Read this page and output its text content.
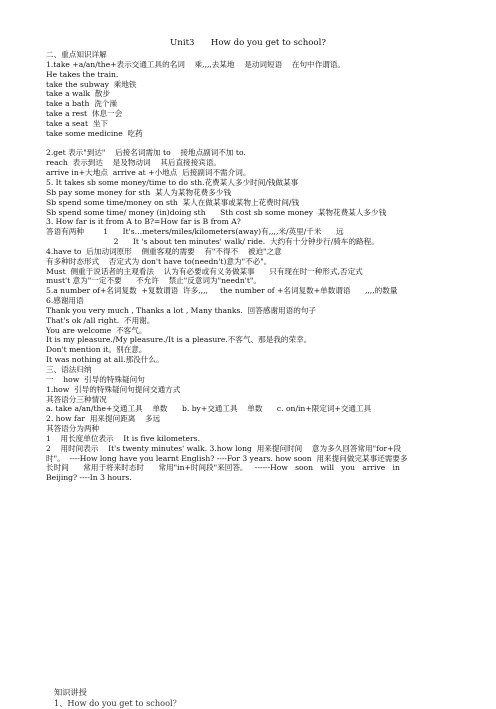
Unit3      How do you get to school?
二、重点知识详解
1.take +a/an/the+表示交通工具的名词    乘,,,,去某地    是动词短语    在句中作谓语。
He takes the train.
take the subway  乘地铁
take a walk  散步
take a bath  洗个澡
take a rest  休息一会
take a seat  坐下
take some medicine  吃药
2.get 表示"到达"    后接名词需加 to    接地点副词不加 to.
reach  表示到达    是及物动词    其后直接接宾语。
arrive in+大地点  arrive at +小地点  后接副词不需介词。
5. It takes sb some money/time to do sth.花费某人多少时间/钱做某事
Sb pay some money for sth  某人为某物花费多少钱
Sb spend some time/money on sth  某人在做某事或某物上花费时间/钱
Sb spend some time/ money (in)doing sth      Sth cost sb some money  某物花费某人多少钱
3. How far is it from A to B?=How far is B from A?
答语有两种        1      It's…meters/miles/kilometers(away)有,,,,米/英里/千米      远
2      It 's about ten minutes' walk/ ride.  大约有十分钟步行/骑车的路程。
4.have to  后加动词原形    侧重客观的需要    有"不得不    被迫"之意
有多种时态形式    否定式为 don't have to(needn't)意为"不必"。
Must  侧重于说话者的主观看法    认为有必要或有义务做某事      只有现在时一种形式,否定式
must't 意为"一定不要      不允许    禁止"反意词为"needn't"。
5.a number of+名词复数  +复数谓语  许多,,,,     the number of +名词复数+单数谓语      ,,,,的数量
6.感谢用语
Thank you very much , Thanks a lot , Many thanks.  回答感谢用语的句子
That's ok /all right.  不用谢。
You are welcome  不客气。
It is my pleasure./My pleasure./It is a pleasure.不客气、那是我的荣幸。
Don't mention it。别在意。
It was nothing at all.那没什么。
三、语法归纳
一    how  引导的特殊疑问句
1.how  引导的特殊疑问句提问交通方式
其答语分三种情况
a. take a/an/the+交通工具    单数      b. by+交通工具    单数      c. on/in+限定词+交通工具
2. how far  用来提问距离    多远
其答语分为两种
1    用长度单位表示    It is five kilometers.
2    用时间表示    It's twenty minutes' walk. 3.how long  用来提问时间    意为多久回答常用"for+段
时"。  ----How long have you learnt English? ----For 3 years. how soon  用来提问做完某事还需要多
长时间      常用于将来时态时      常用"in+时间段"来回答。   ------How   soon   will   you   arrive   in
Beijing? ----In 3 hours.
知识讲授
1、How do you get to school？
